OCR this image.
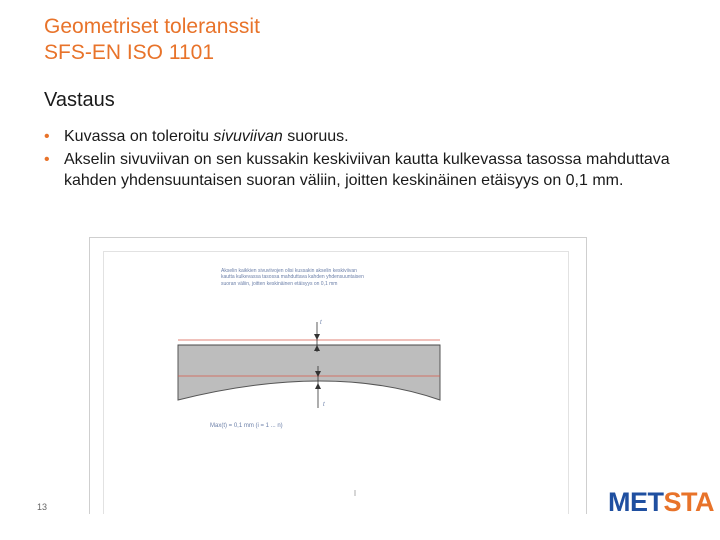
Geometriset toleranssit
SFS-EN ISO 1101
Vastaus
• Kuvassa on toleroitu sivuviivan suoruus.
• Akselin sivuviivan on sen kussakin keskiviivan kautta kulkevassa tasossa mahduttava kahden yhdensuuntaisen suoran väliin, joitten keskinäinen etäisyys on 0,1 mm.
Akselin kaikkien sivuviivojen olisi kussakin akselin keskiviivan kautta kulkevassa tasossa mahduttava kahden yhdensuuntaisen suoran väliin, joitten keskinäinen etäisyys on 0,1 mm
t
t
Max(t) = 0,1 mm (i = 1 ... n)
13	METSTA
